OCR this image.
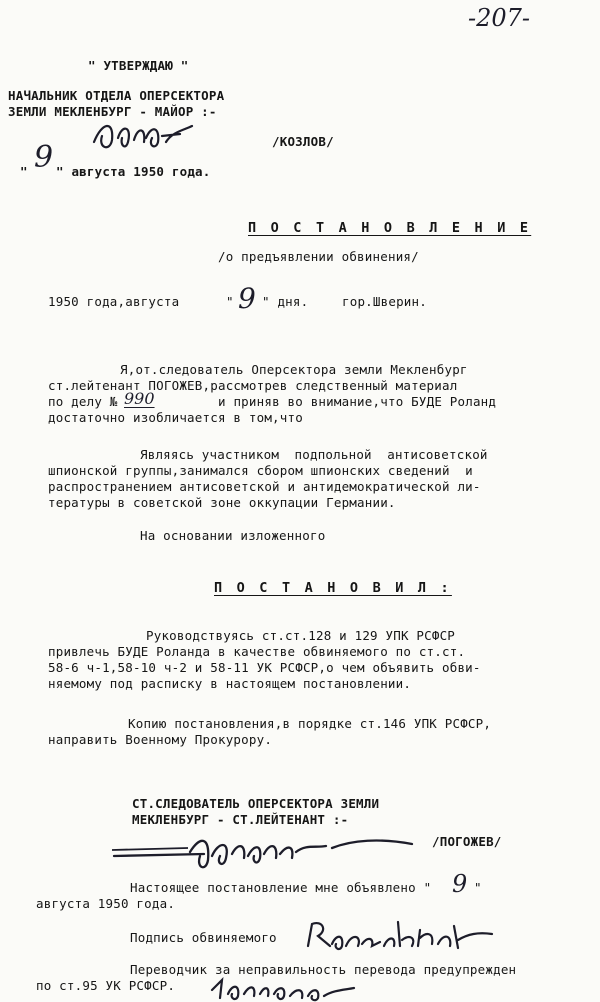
-207-
" УТВЕРЖДАЮ "
НАЧАЛЬНИК ОТДЕЛА ОПЕРСЕКТОРА
ЗЕМЛИ МЕКЛЕНБУРГ - МАЙОР :-
/КОЗЛОВ/
" 9 " августа 1950 года.
П О С Т А Н О В Л Е Н И Е
/о предъявлении обвинения/
1950 года,августа	" 9 " дня.	гор.Шверин.
Я,от.следователь Оперсектора земли Мекленбург
ст.лейтенант ПОГОЖЕВ,рассмотрев следственный материал
по делу № 990	и приняв во внимание,что БУДЕ Роланд
достаточно изобличается в том,что
Являясь участником  подпольной  антисоветской
шпионской группы,занимался сбором шпионских сведений  и
распространением антисоветской и антидемократической ли-
тературы в советской зоне оккупации Германии.
На основании изложенного
П О С Т А Н О В И Л :
Руководствуясь ст.ст.128 и 129 УПК РСФСР
привлечь БУДЕ Роланда в качестве обвиняемого по ст.ст.
58-6 ч-1,58-10 ч-2 и 58-11 УК РСФСР,о чем объявить обви-
няемому под расписку в настоящем постановлении.
Копию постановления,в порядке ст.146 УПК РСФСР,
направить Военному Прокурору.
СТ.СЛЕДОВАТЕЛЬ ОПЕРСЕКТОРА ЗЕМЛИ
МЕКЛЕНБУРГ - СТ.ЛЕЙТЕНАНТ :-
/ПОГОЖЕВ/
Настоящее постановление мне объявлено " 9 "
августа 1950 года.
Подпись обвиняемого
Переводчик за неправильность перевода предупрежден
по ст.95 УК РСФСР.
